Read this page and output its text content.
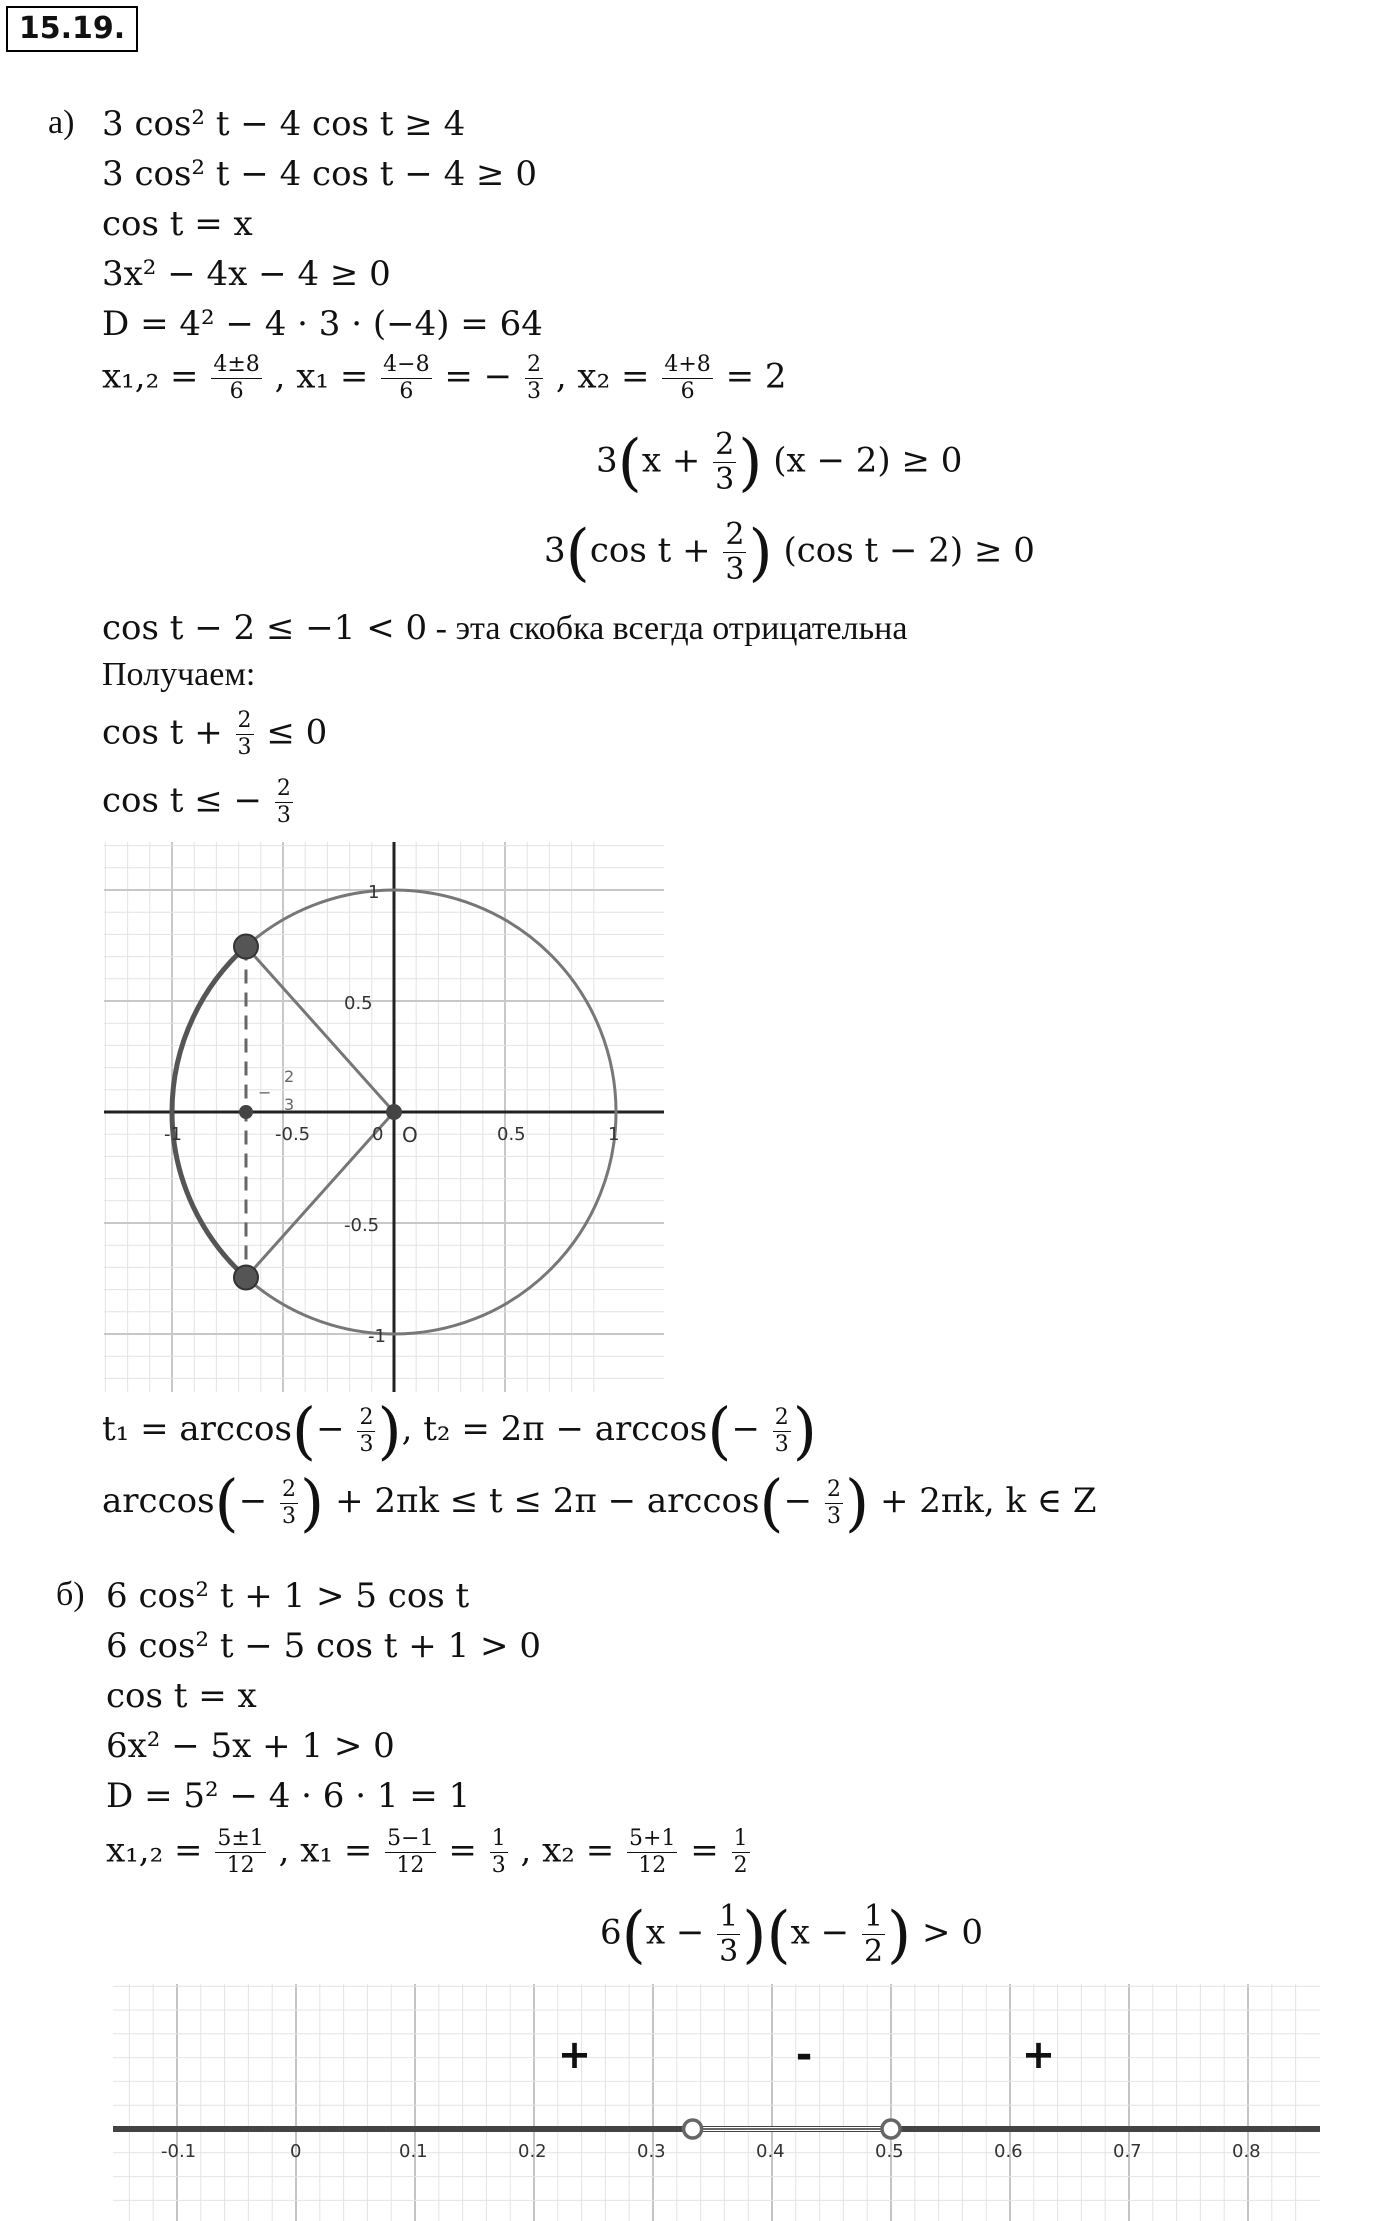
15.19.
а) 3 cos² t − 4 cos t ≥ 4
3 cos² t − 4 cos t − 4 ≥ 0
cos t = x
3x² − 4x − 4 ≥ 0
D = 4² − 4 · 3 · (−4) = 64
$x_1,_2 = \frac{4\pm 8}{6}$ , $x_1 = \frac{4-8}{6}$ = − $\frac{2}{3}$ , $x_2 = \frac{4+8}{6} = 2$
$3(x + \frac{2}{3}$ ) (x − 2) ≥ 0
3(cos $t + \frac{2}{3}$ ) (cos t − 2) ≥ 0
cos t − 2 ≤ −1 < 0 - эта скобка всегда отрицательна
Получаем:
$\cos t + \frac{2}{3} \le 0$
cos t ≤ − $\frac{2}{3}$
-1	-0.5	0	0.5	1
1
0.5
-0.5
-1
O
−
2
3
$t_1 = \arccos(- \frac{2}{3}$ ), $t_2 = 2\pi - \arccos(- \frac{2}{3}$ )
$\arccos(- \frac{2}{3}$ ) + $2\pi k \le t \le 2\pi - \arccos(- \frac{2}{3}$ ) + 2πk, k ∈ Z
б) 6 cos² t + 1 > 5 cos t
6 cos² t − 5 cos t + 1 > 0
cos t = x
6x² − 5x + 1 > 0
D = 5² − 4 · 6 · 1 = 1
$x_1,_2 = \frac{5\pm 1}{12}$ , $x_1 = \frac{5-1}{12} = \frac{1}{3}$ , $x_2 = \frac{5+1}{12} = \frac{1}{2}$
$6(x - \frac{1}{3} )(x - \frac{1}{2}$ ) > 0
-0.1	0	0.1	0.2	0.3	0.4	0.5	0.6	0.7	0.8
+	-	+
